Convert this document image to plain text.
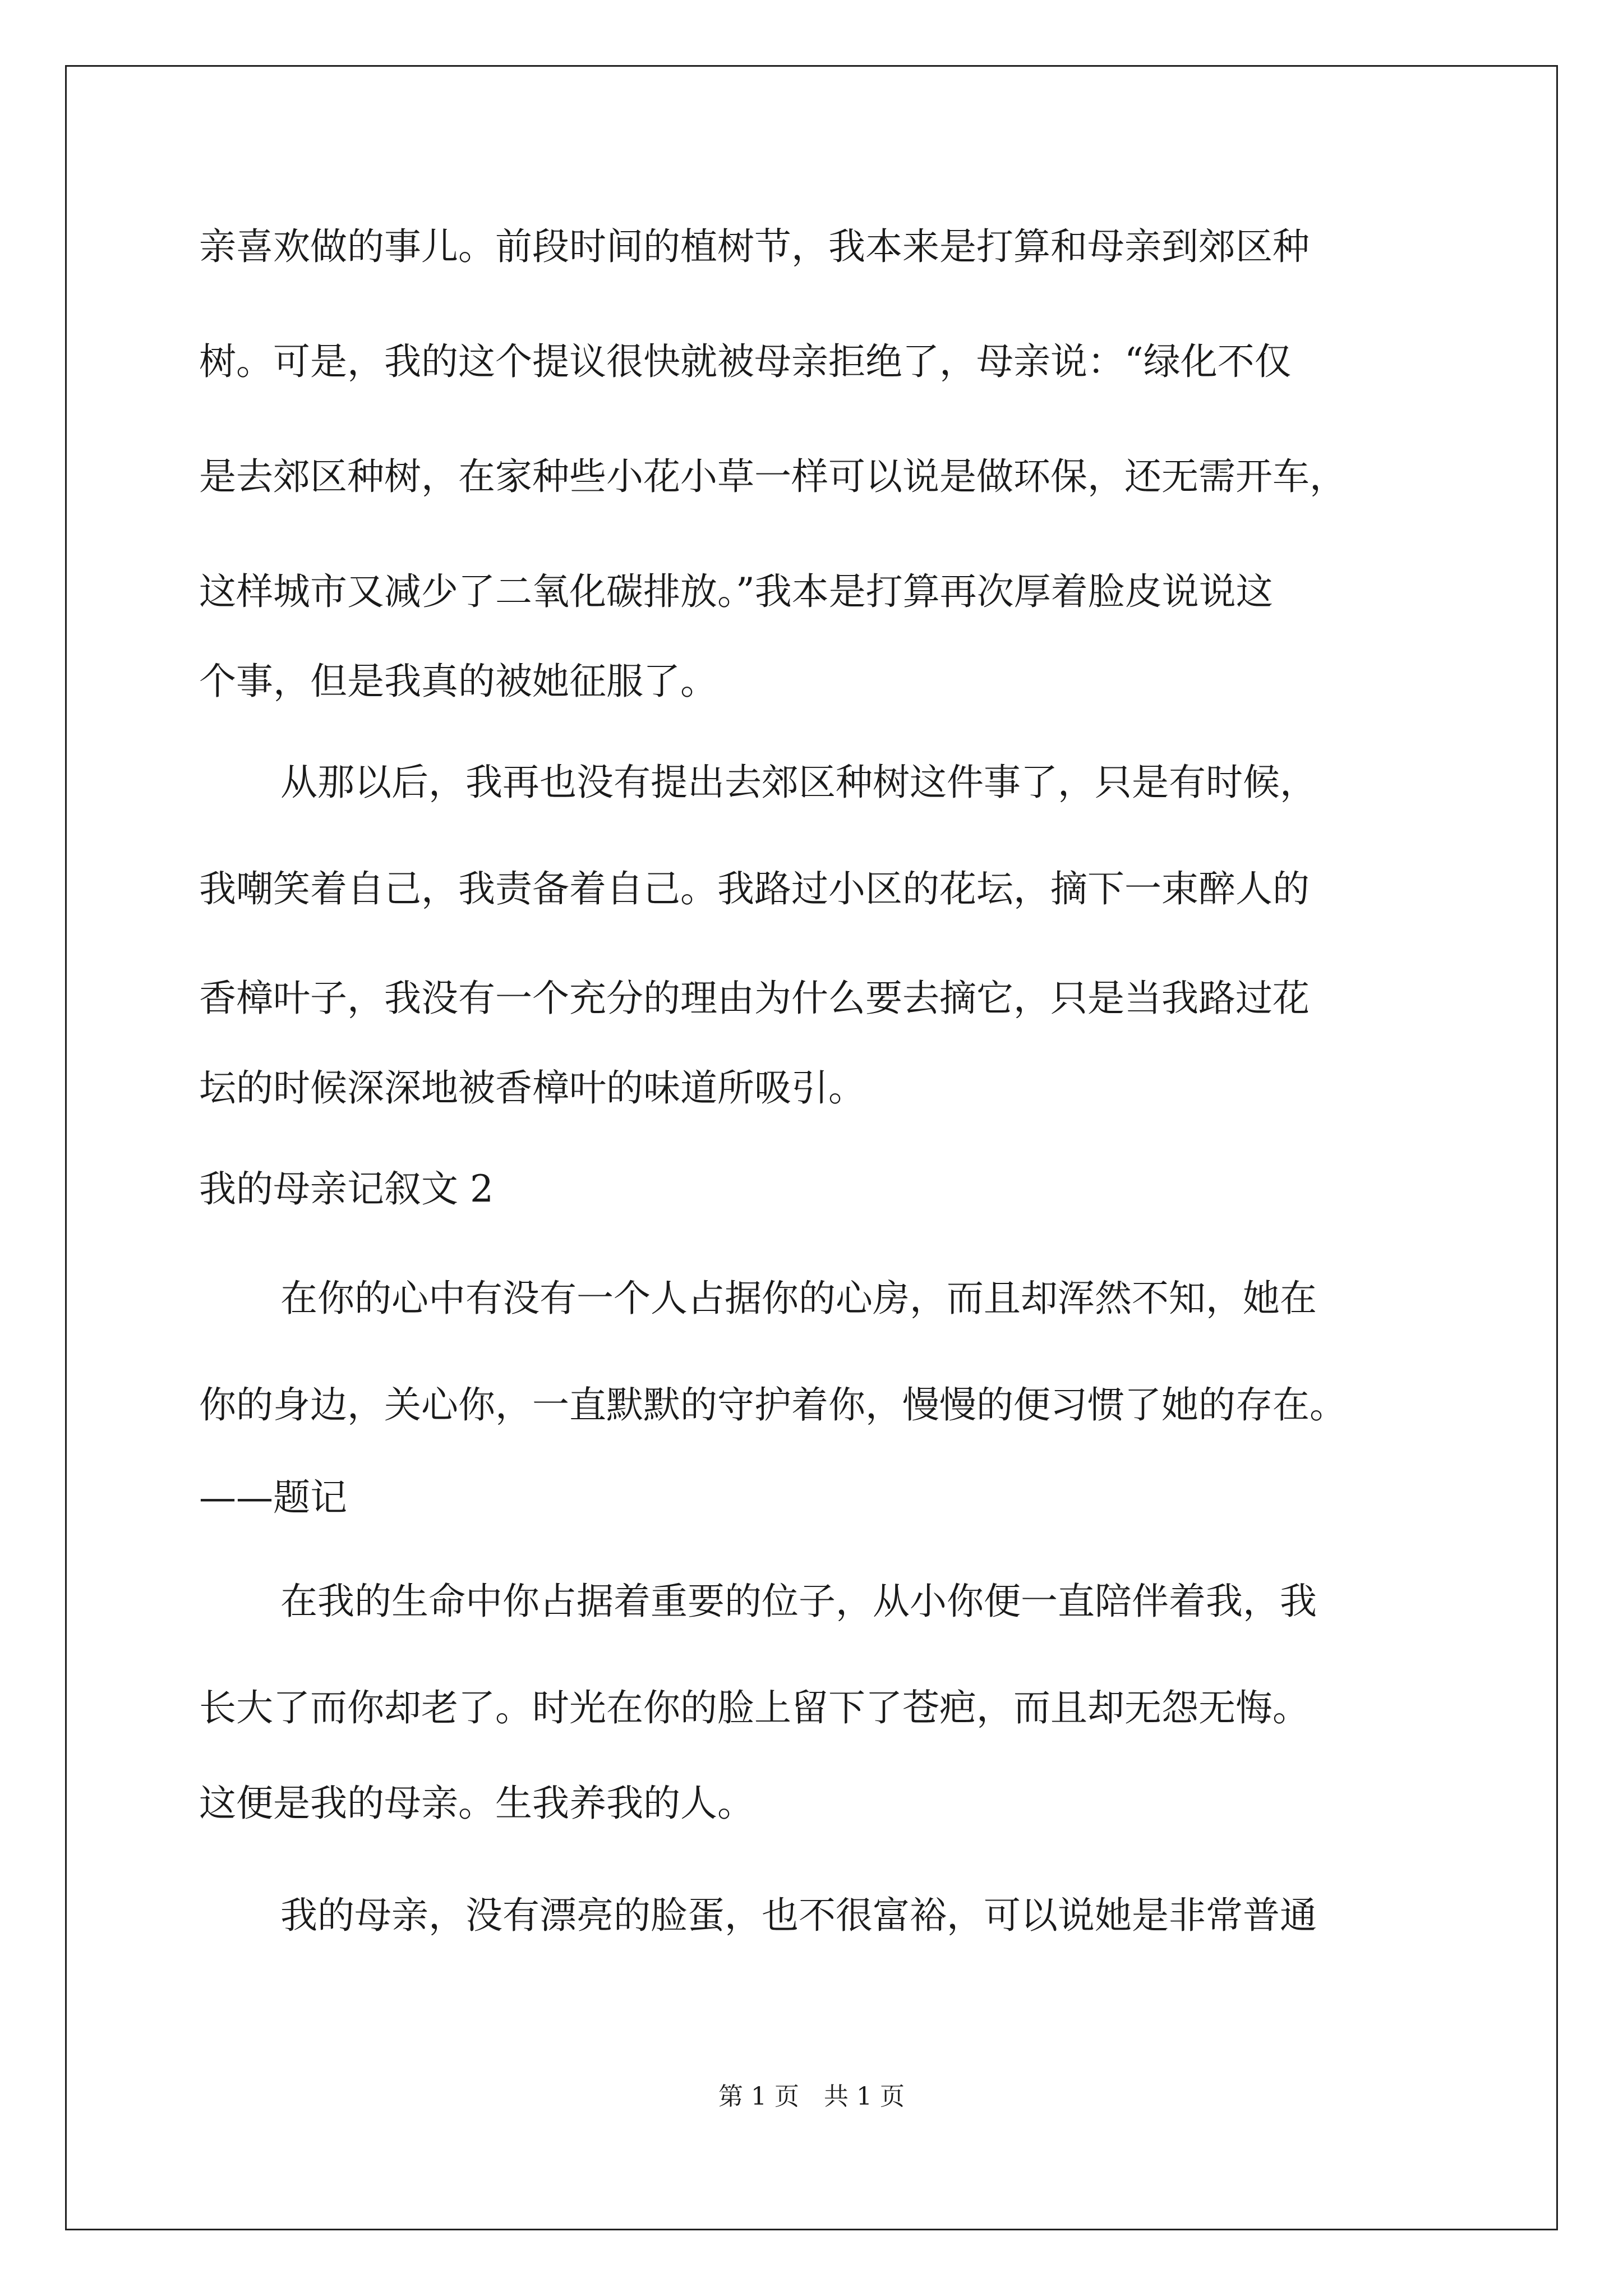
亲喜欢做的事儿。前段时间的植树节，我本来是打算和母亲到郊区种
树。可是，我的这个提议很快就被母亲拒绝了，母亲说：“绿化不仅
是去郊区种树，在家种些小花小草一样可以说是做环保，还无需开车，
这样城市又减少了二氧化碳排放。”我本是打算再次厚着脸皮说说这
个事，但是我真的被她征服了。
从那以后，我再也没有提出去郊区种树这件事了，只是有时候，
我嘲笑着自己，我责备着自己。我路过小区的花坛，摘下一束醉人的
香樟叶子，我没有一个充分的理由为什么要去摘它，只是当我路过花
坛的时候深深地被香樟叶的味道所吸引。
我的母亲记叙文 2
在你的心中有没有一个人占据你的心房，而且却浑然不知，她在
你的身边，关心你，一直默默的守护着你，慢慢的便习惯了她的存在。
——题记
在我的生命中你占据着重要的位子，从小你便一直陪伴着我，我
长大了而你却老了。时光在你的脸上留下了苍疤，而且却无怨无悔。
这便是我的母亲。生我养我的人。
我的母亲，没有漂亮的脸蛋，也不很富裕，可以说她是非常普通
第 1 页　共 1 页
